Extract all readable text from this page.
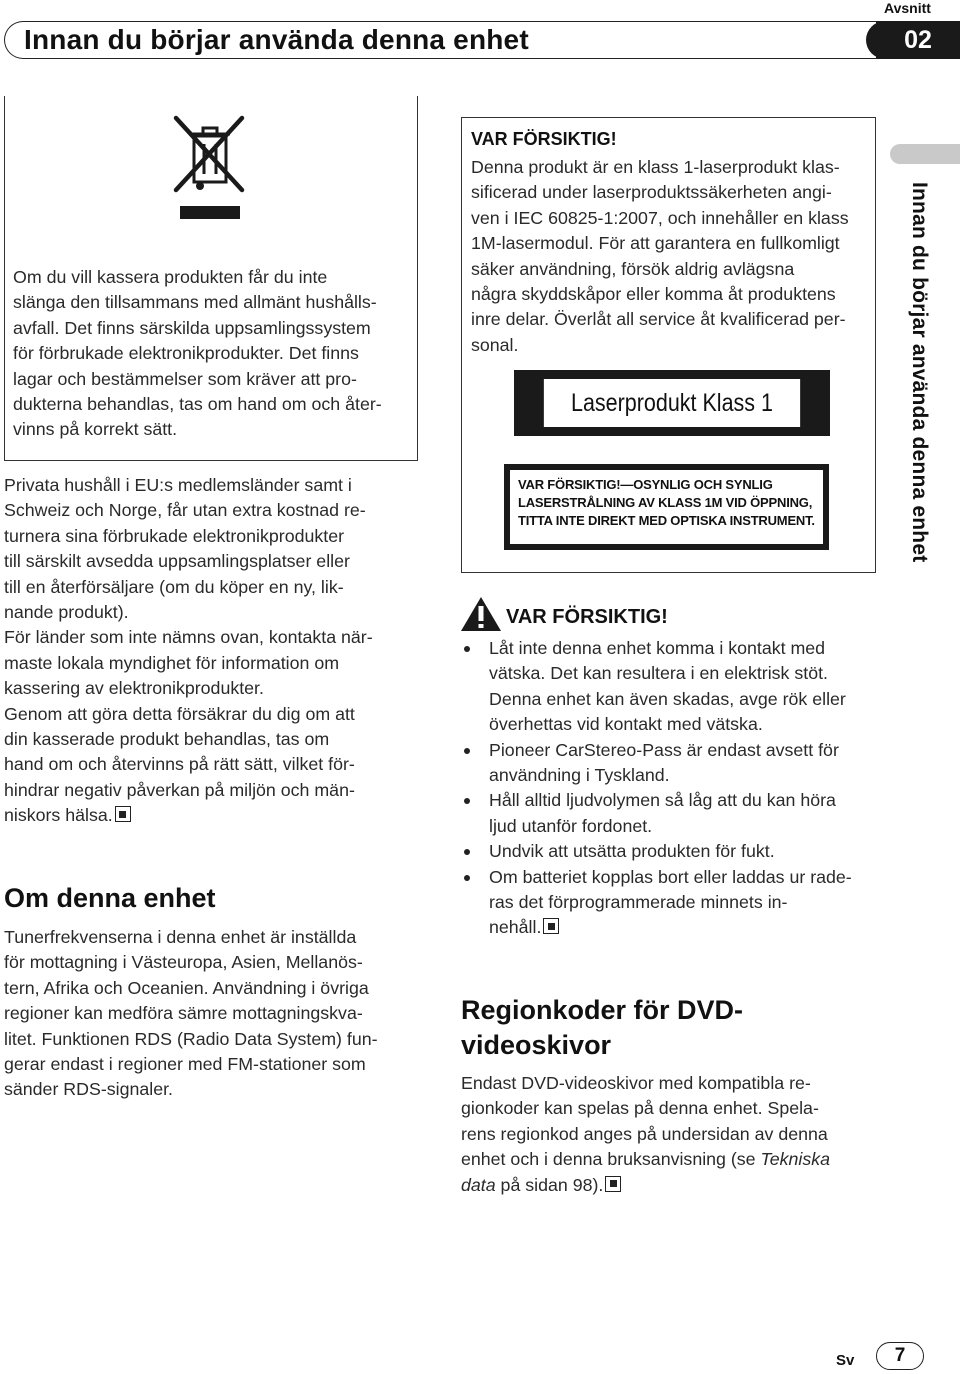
Innan du börjar använda denna enhet
Avsnitt
02
Innan du börjar använda denna enhet
Om du vill kassera produkten får du inte
slänga den tillsammans med allmänt hushålls-
avfall. Det finns särskilda uppsamlingssystem
för förbrukade elektronikprodukter. Det finns
lagar och bestämmelser som kräver att pro-
dukterna behandlas, tas om hand om och åter-
vinns på korrekt sätt.
Privata hushåll i EU:s medlemsländer samt i
Schweiz och Norge, får utan extra kostnad re-
turnera sina förbrukade elektronikprodukter
till särskilt avsedda uppsamlingsplatser eller
till en återförsäljare (om du köper en ny, lik-
nande produkt).
För länder som inte nämns ovan, kontakta när-
maste lokala myndighet för information om
kassering av elektronikprodukter.
Genom att göra detta försäkrar du dig om att
din kasserade produkt behandlas, tas om
hand om och återvinns på rätt sätt, vilket för-
hindrar negativ påverkan på miljön och män-
niskors hälsa.
Om denna enhet
Tunerfrekvenserna i denna enhet är inställda
för mottagning i Västeuropa, Asien, Mellanös-
tern, Afrika och Oceanien. Användning i övriga
regioner kan medföra sämre mottagningskva-
litet. Funktionen RDS (Radio Data System) fun-
gerar endast i regioner med FM-stationer som
sänder RDS-signaler.
VAR FÖRSIKTIG!
Denna produkt är en klass 1-laserprodukt klas-
sificerad under laserproduktssäkerheten angi-
ven i IEC 60825-1:2007, och innehåller en klass
1M-lasermodul. För att garantera en fullkomligt
säker användning, försök aldrig avlägsna
några skyddskåpor eller komma åt produktens
inre delar. Överlåt all service åt kvalificerad per-
sonal.
Laserprodukt Klass 1
VAR FÖRSIKTIG!—OSYNLIG OCH SYNLIG
LASERSTRÅLNING AV KLASS 1M VID ÖPPNING,
TITTA INTE DIREKT MED OPTISKA INSTRUMENT.
VAR FÖRSIKTIG!
Låt inte denna enhet komma i kontakt med
vätska. Det kan resultera i en elektrisk stöt.
Denna enhet kan även skadas, avge rök eller
överhettas vid kontakt med vätska.
Pioneer CarStereo-Pass är endast avsett för
användning i Tyskland.
Håll alltid ljudvolymen så låg att du kan höra
ljud utanför fordonet.
Undvik att utsätta produkten för fukt.
Om batteriet kopplas bort eller laddas ur rade-
ras det förprogrammerade minnets in-
nehåll.
Regionkoder för DVD-
videoskivor
Endast DVD-videoskivor med kompatibla re-
gionkoder kan spelas på denna enhet. Spela-
rens regionkod anges på undersidan av denna
enhet och i denna bruksanvisning (se Tekniska
data på sidan 98).
Sv	7
